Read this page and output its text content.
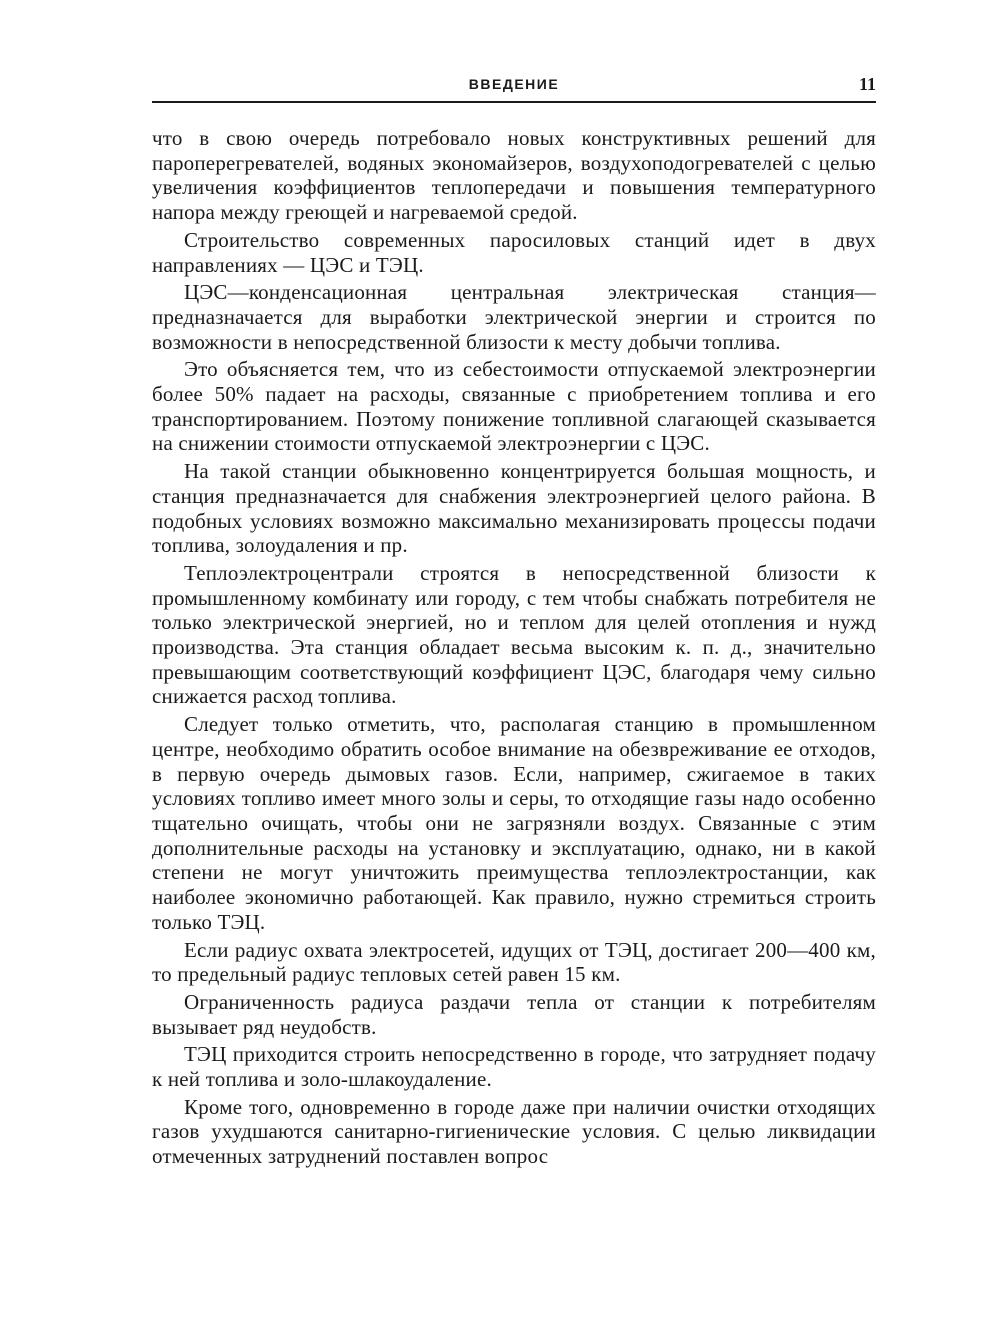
ВВЕДЕНИЕ	11

что в свою очередь потребовало новых конструктивных решений для пароперегревателей, водяных экономайзеров, воздухоподогревателей с целью увеличения коэффициентов теплопередачи и повышения температурного напора между греющей и нагреваемой средой.

Строительство современных паросиловых станций идет в двух направлениях — ЦЭС и ТЭЦ.

ЦЭС—конденсационная центральная электрическая станция—предназначается для выработки электрической энергии и строится по возможности в непосредственной близости к месту добычи топлива.

Это объясняется тем, что из себестоимости отпускаемой электроэнергии более 50% падает на расходы, связанные с приобретением топлива и его транспортированием. Поэтому понижение топливной слагающей сказывается на снижении стоимости отпускаемой электроэнергии с ЦЭС.

На такой станции обыкновенно концентрируется большая мощность, и станция предназначается для снабжения электроэнергией целого района. В подобных условиях возможно максимально механизировать процессы подачи топлива, золоудаления и пр.

Теплоэлектроцентрали строятся в непосредственной близости к промышленному комбинату или городу, с тем чтобы снабжать потребителя не только электрической энергией, но и теплом для целей отопления и нужд производства. Эта станция обладает весьма высоким к. п. д., значительно превышающим соответствующий коэффициент ЦЭС, благодаря чему сильно снижается расход топлива.

Следует только отметить, что, располагая станцию в промышленном центре, необходимо обратить особое внимание на обезвреживание ее отходов, в первую очередь дымовых газов. Если, например, сжигаемое в таких условиях топливо имеет много золы и серы, то отходящие газы надо особенно тщательно очищать, чтобы они не загрязняли воздух. Связанные с этим дополнительные расходы на установку и эксплуатацию, однако, ни в какой степени не могут уничтожить преимущества теплоэлектростанции, как наиболее экономично работающей. Как правило, нужно стремиться строить только ТЭЦ.

Если радиус охвата электросетей, идущих от ТЭЦ, достигает 200—400 км, то предельный радиус тепловых сетей равен 15 км.

Ограниченность радиуса раздачи тепла от станции к потребителям вызывает ряд неудобств.

ТЭЦ приходится строить непосредственно в городе, что затрудняет подачу к ней топлива и золо-шлакоудаление.

Кроме того, одновременно в городе даже при наличии очистки отходящих газов ухудшаются санитарно-гигиенические условия. С целью ликвидации отмеченных затруднений поставлен вопрос
